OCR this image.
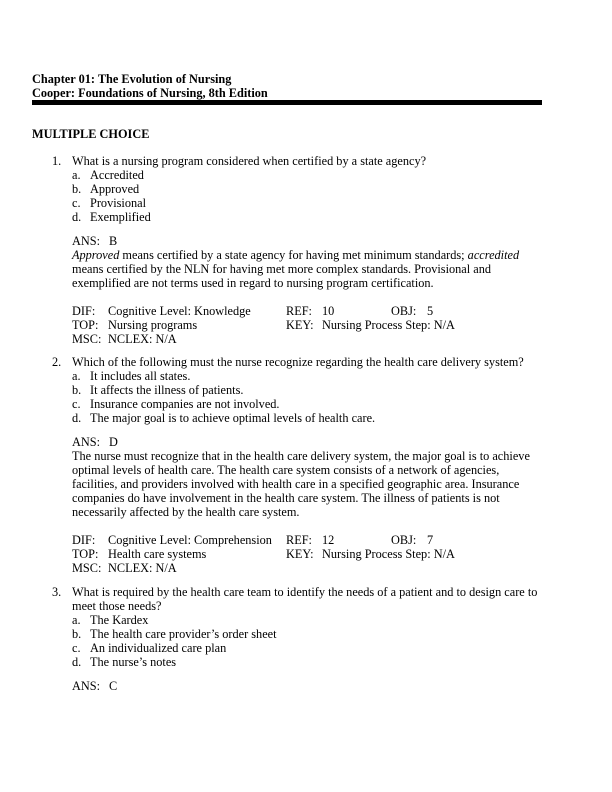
Chapter 01: The Evolution of Nursing
Cooper: Foundations of Nursing, 8th Edition
MULTIPLE CHOICE
1. What is a nursing program considered when certified by a state agency?
a. Accredited
b. Approved
c. Provisional
d. Exemplified
ANS: B
Approved means certified by a state agency for having met minimum standards; accredited means certified by the NLN for having met more complex standards. Provisional and exemplified are not terms used in regard to nursing program certification.
DIF: Cognitive Level: Knowledge	REF: 10	OBJ: 5
TOP: Nursing programs	KEY: Nursing Process Step: N/A
MSC: NCLEX: N/A
2. Which of the following must the nurse recognize regarding the health care delivery system?
a. It includes all states.
b. It affects the illness of patients.
c. Insurance companies are not involved.
d. The major goal is to achieve optimal levels of health care.
ANS: D
The nurse must recognize that in the health care delivery system, the major goal is to achieve optimal levels of health care. The health care system consists of a network of agencies, facilities, and providers involved with health care in a specified geographic area. Insurance companies do have involvement in the health care system. The illness of patients is not necessarily affected by the health care system.
DIF: Cognitive Level: Comprehension REF: 12	OBJ: 7
TOP: Health care systems	KEY: Nursing Process Step: N/A
MSC: NCLEX: N/A
3. What is required by the health care team to identify the needs of a patient and to design care to meet those needs?
a. The Kardex
b. The health care provider’s order sheet
c. An individualized care plan
d. The nurse’s notes
ANS: C
